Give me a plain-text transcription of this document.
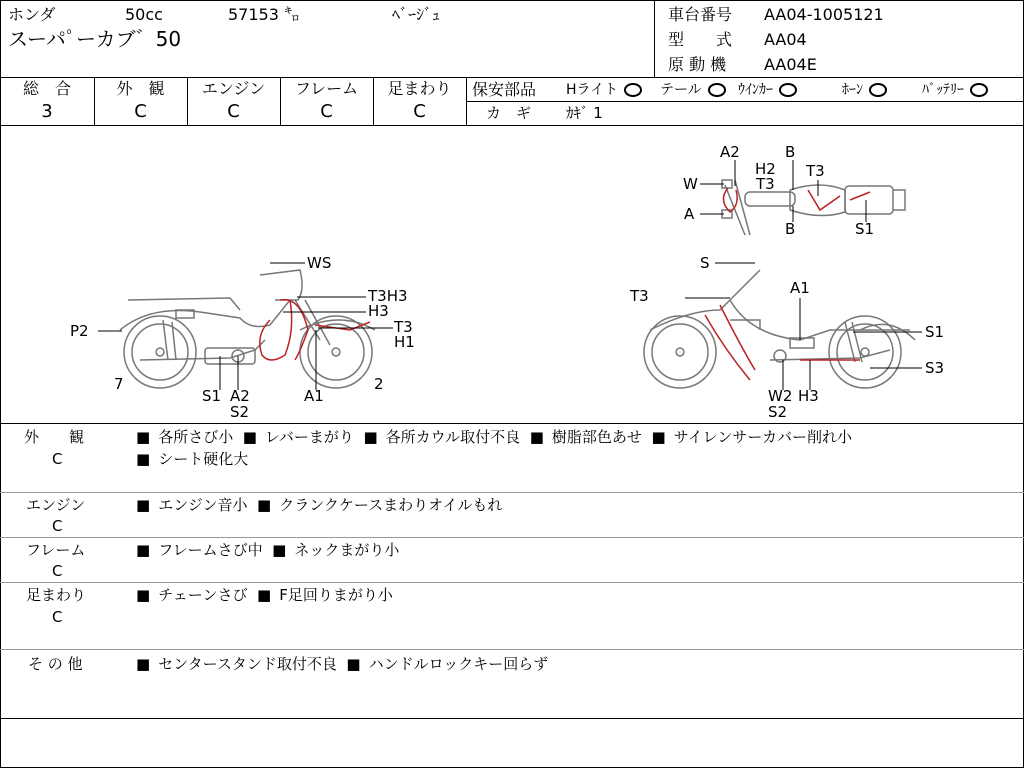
ホンダ	50cc	57153 ㌔	ﾍﾞｰｼﾞｭ
スーパﾟーカブ゛50
車台番号 AA04-1005121
型　　式 AA04
原 動 機 AA04E
総　合	外　観	エンジン	フレーム	足まわり
3	C	C	C	C
保安部品 Hライト	テール	ｳｲﾝｶｰ	ﾎｰﾝ	ﾊﾞｯﾃﾘｰ
カ　ギ ｶｷﾞ 1
WS
T3H3
H3
T3
H1
P2
7
S1 A2
S2
A1
2
S
T3	A1
S1
S3
W2 H3
S2
A2
H2
B
T3
T3
W
A
B	S1
外　　観
C
■ 各所さび小 ■ レバーまがり ■ 各所カウル取付不良 ■ 樹脂部色あせ ■ サイレンサーカバー削れ小
■ シート硬化大
エンジン
C
■ エンジン音小 ■ クランクケースまわりオイルもれ
フレーム
C
■ フレームさび中 ■ ネックまがり小
足まわり
C
■ チェーンさび ■ F足回りまがり小
そ の 他	■ センタースタンド取付不良 ■ ハンドルロックキー回らず
